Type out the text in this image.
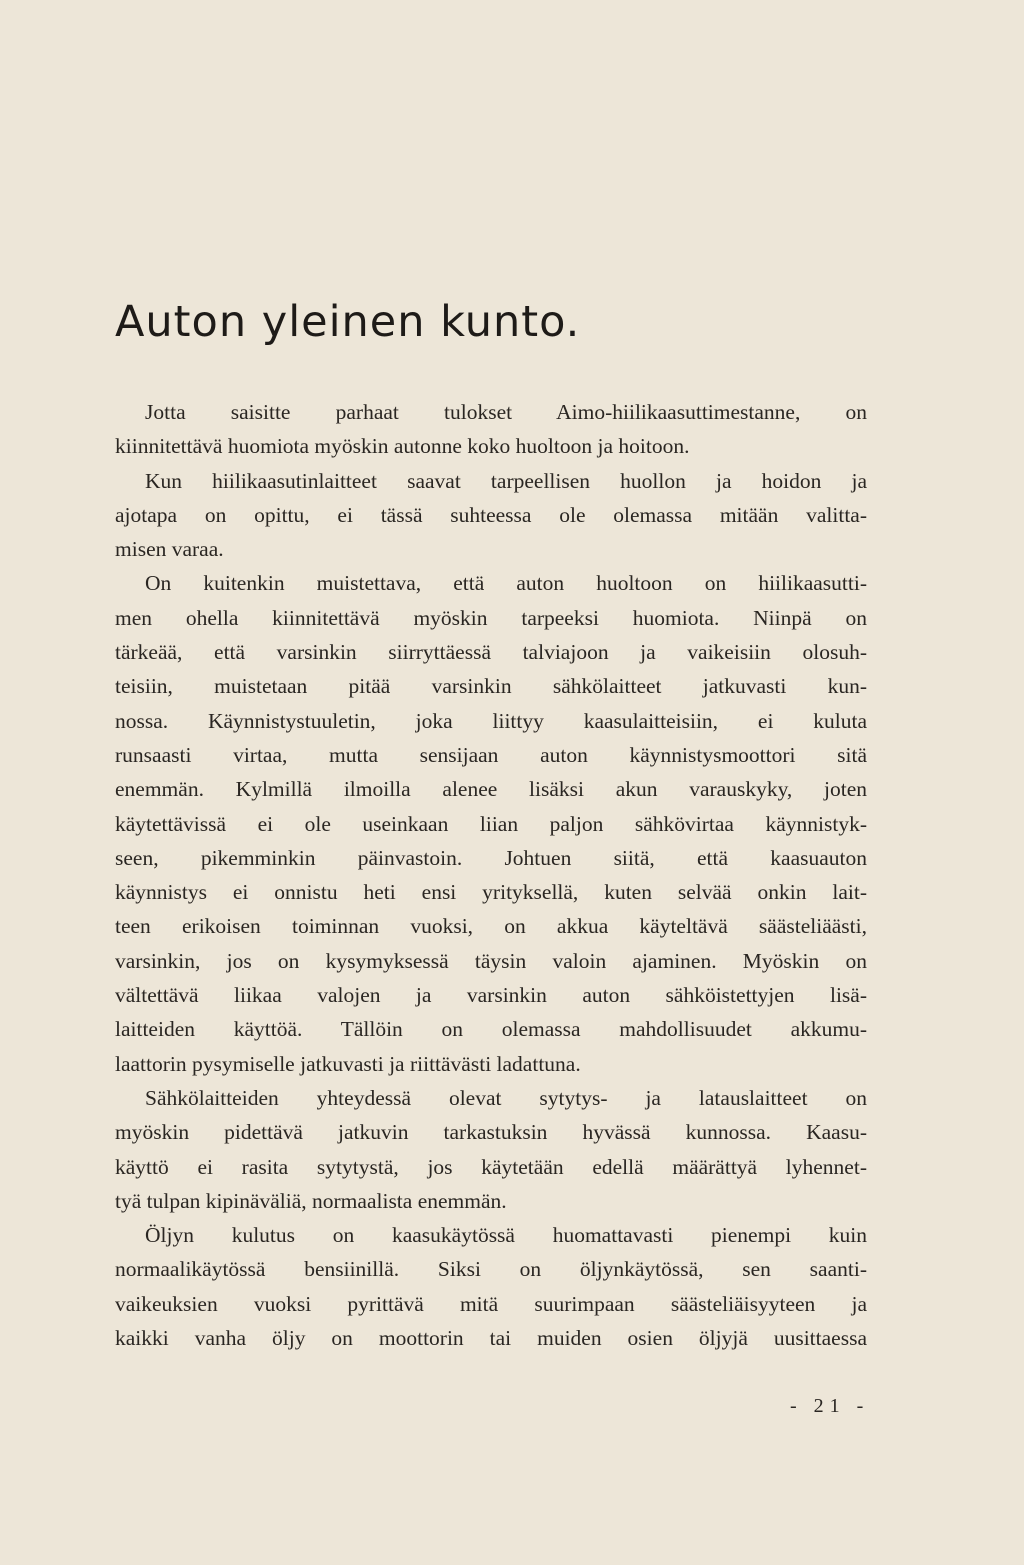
Auton yleinen kunto.
Jotta saisitte parhaat tulokset Aimo-hiilikaasuttimestanne, on
kiinnitettävä huomiota myöskin autonne koko huoltoon ja hoitoon.
Kun hiilikaasutinlaitteet saavat tarpeellisen huollon ja hoidon ja
ajotapa on opittu, ei tässä suhteessa ole olemassa mitään valitta-
misen varaa.
On kuitenkin muistettava, että auton huoltoon on hiilikaasutti-
men ohella kiinnitettävä myöskin tarpeeksi huomiota. Niinpä on
tärkeää, että varsinkin siirryttäessä talviajoon ja vaikeisiin olosuh-
teisiin, muistetaan pitää varsinkin sähkölaitteet jatkuvasti kun-
nossa. Käynnistystuuletin, joka liittyy kaasulaitteisiin, ei kuluta
runsaasti virtaa, mutta sensijaan auton käynnistysmoottori sitä
enemmän. Kylmillä ilmoilla alenee lisäksi akun varauskyky, joten
käytettävissä ei ole useinkaan liian paljon sähkövirtaa käynnistyk-
seen, pikemminkin päinvastoin. Johtuen siitä, että kaasuauton
käynnistys ei onnistu heti ensi yrityksellä, kuten selvää onkin lait-
teen erikoisen toiminnan vuoksi, on akkua käyteltävä säästeliäästi,
varsinkin, jos on kysymyksessä täysin valoin ajaminen. Myöskin on
vältettävä liikaa valojen ja varsinkin auton sähköistettyjen lisä-
laitteiden käyttöä. Tällöin on olemassa mahdollisuudet akkumu-
laattorin pysymiselle jatkuvasti ja riittävästi ladattuna.
Sähkölaitteiden yhteydessä olevat sytytys- ja latauslaitteet on
myöskin pidettävä jatkuvin tarkastuksin hyvässä kunnossa. Kaasu-
käyttö ei rasita sytytystä, jos käytetään edellä määrättyä lyhennet-
tyä tulpan kipinäväliä, normaalista enemmän.
Öljyn kulutus on kaasukäytössä huomattavasti pienempi kuin
normaalikäytössä bensiinillä. Siksi on öljynkäytössä, sen saanti-
vaikeuksien vuoksi pyrittävä mitä suurimpaan säästeliäisyyteen ja
kaikki vanha öljy on moottorin tai muiden osien öljyjä uusittaessa
- 21 -
